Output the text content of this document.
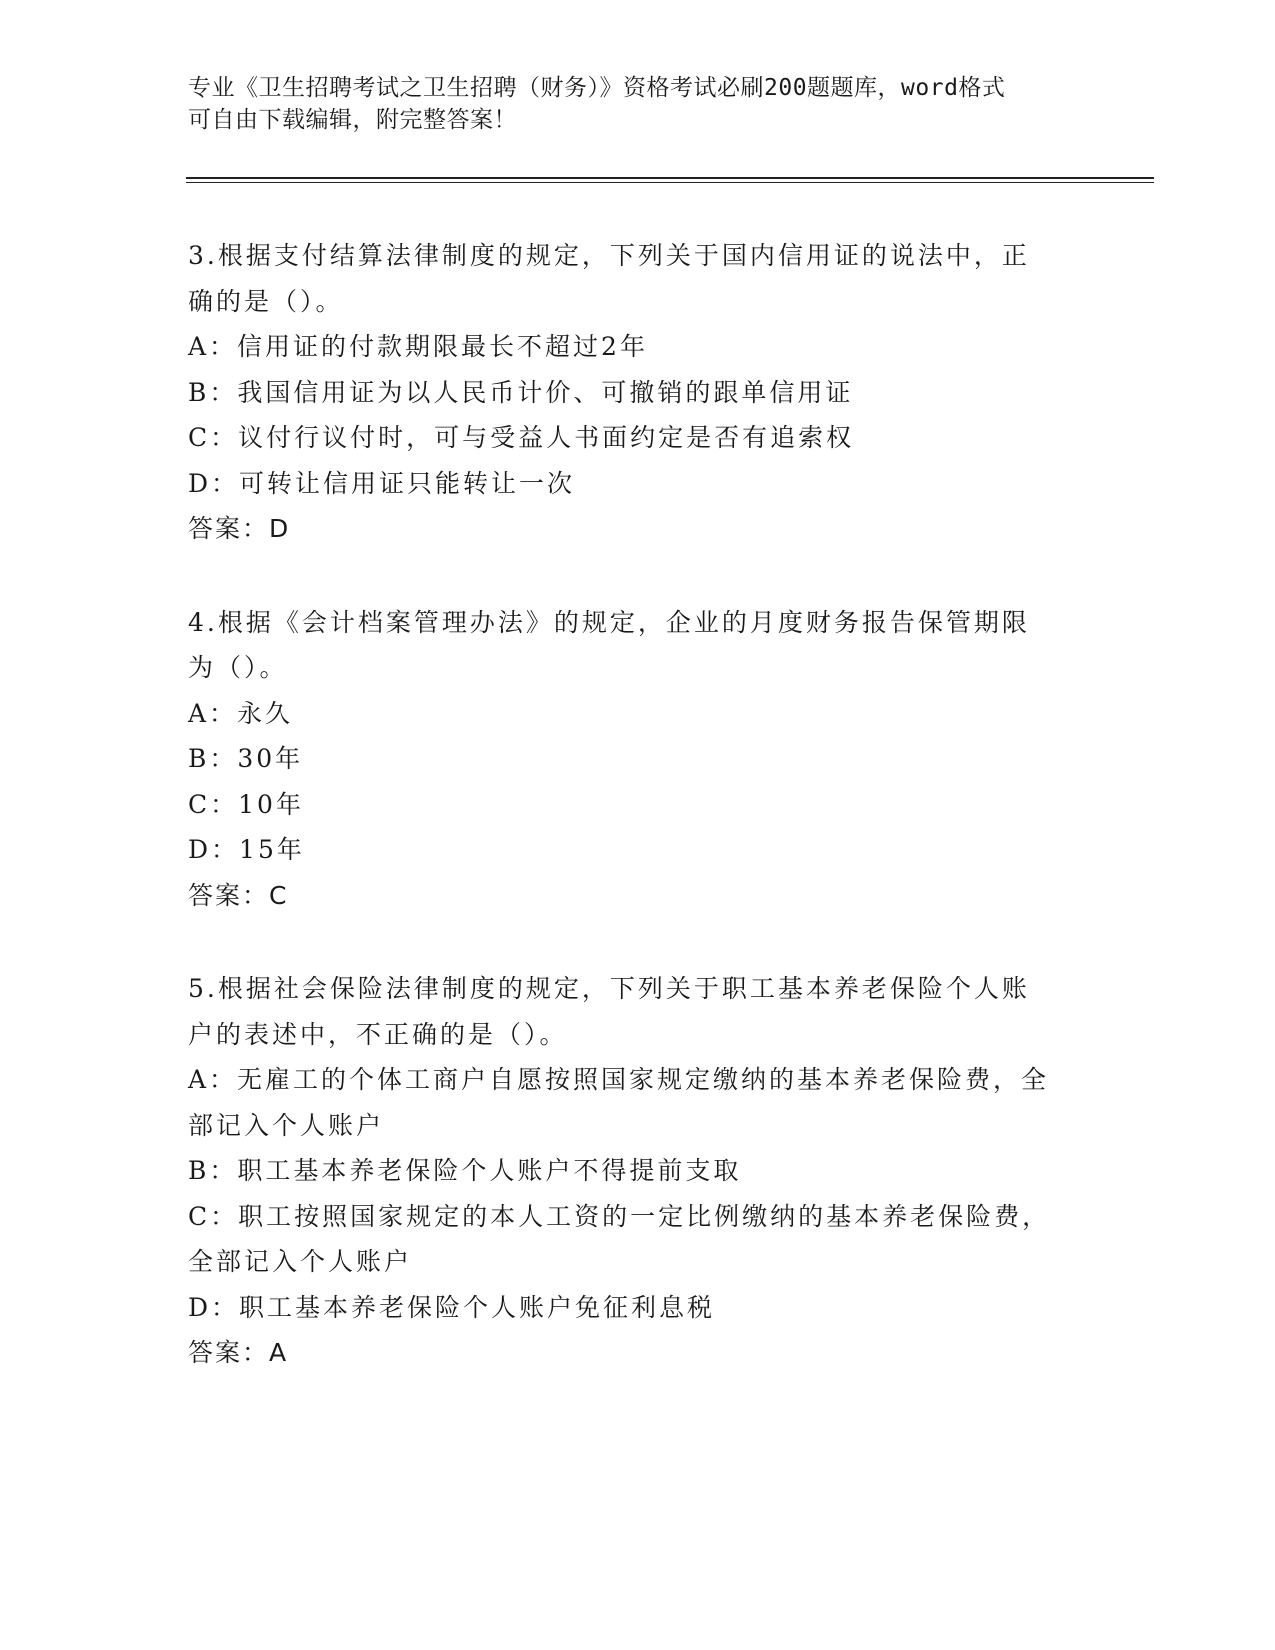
专业《卫生招聘考试之卫生招聘（财务）》资格考试必刷200题题库，word格式
可自由下载编辑，附完整答案！
3.根据支付结算法律制度的规定，下列关于国内信用证的说法中，正
确的是（）。
A：信用证的付款期限最长不超过2年
B：我国信用证为以人民币计价、可撤销的跟单信用证
C：议付行议付时，可与受益人书面约定是否有追索权
D：可转让信用证只能转让一次
答案：D
4.根据《会计档案管理办法》的规定，企业的月度财务报告保管期限
为（）。
A：永久
B：30年
C：10年
D：15年
答案：C
5.根据社会保险法律制度的规定，下列关于职工基本养老保险个人账
户的表述中，不正确的是（）。
A：无雇工的个体工商户自愿按照国家规定缴纳的基本养老保险费，全
部记入个人账户
B：职工基本养老保险个人账户不得提前支取
C：职工按照国家规定的本人工资的一定比例缴纳的基本养老保险费，
全部记入个人账户
D：职工基本养老保险个人账户免征利息税
答案：A
